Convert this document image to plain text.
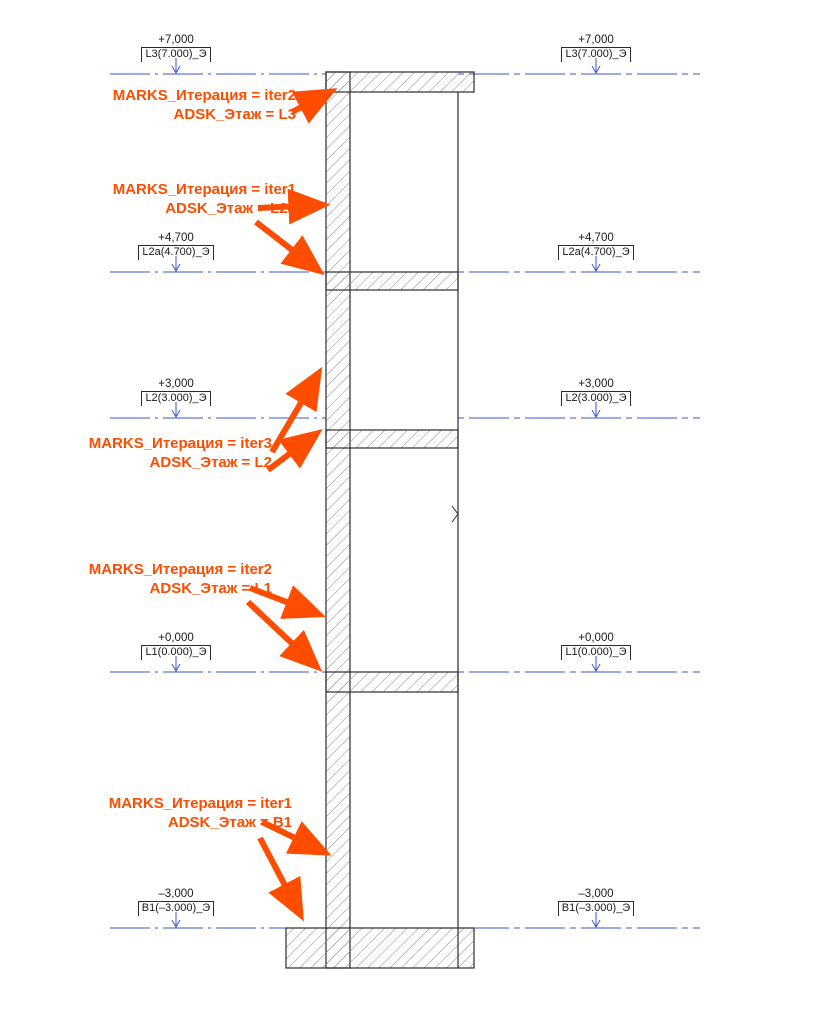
+7,000
L3(7.000)_Э
+4,700
L2a(4.700)_Э
+3,000
L2(3.000)_Э
+0,000
L1(0.000)_Э
–3,000
B1(–3.000)_Э
+7,000
L3(7.000)_Э
+4,700
L2a(4.700)_Э
+3,000
L2(3.000)_Э
+0,000
L1(0.000)_Э
–3,000
B1(–3.000)_Э
MARKS_Итерация = iter2
ADSK_Этаж = L3
MARKS_Итерация = iter1
ADSK_Этаж = L2a
MARKS_Итерация = iter3
ADSK_Этаж = L2
MARKS_Итерация = iter2
ADSK_Этаж = L1
MARKS_Итерация = iter1
ADSK_Этаж = B1
